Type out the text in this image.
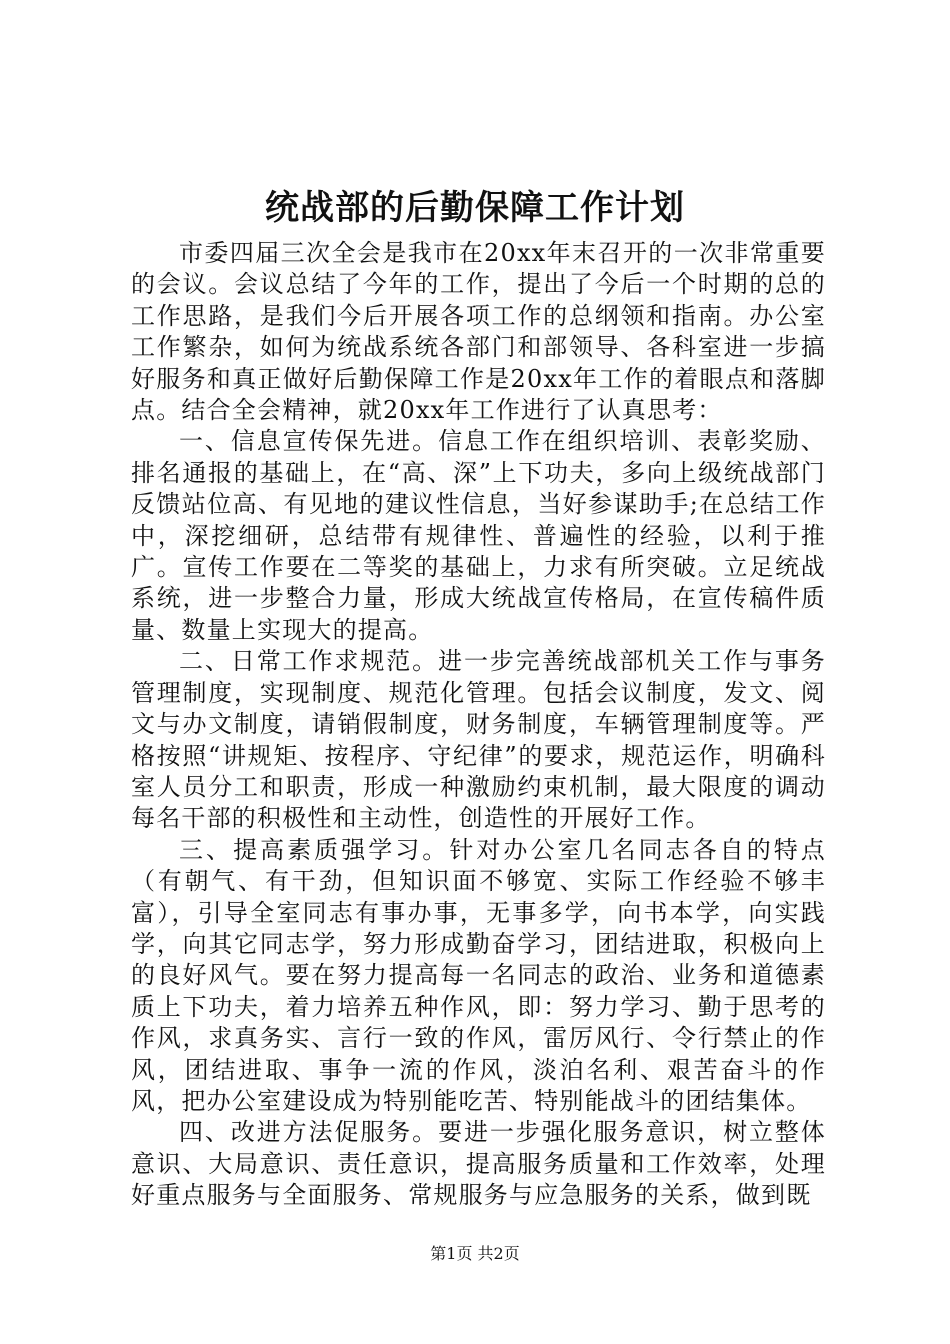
统战部的后勤保障工作计划

市委四届三次全会是我市在20xx年末召开的一次非常重要的会议。会议总结了今年的工作，提出了今后一个时期的总的工作思路，是我们今后开展各项工作的总纲领和指南。办公室工作繁杂，如何为统战系统各部门和部领导、各科室进一步搞好服务和真正做好后勤保障工作是20xx年工作的着眼点和落脚点。结合全会精神，就20xx年工作进行了认真思考：

一、信息宣传保先进。信息工作在组织培训、表彰奖励、排名通报的基础上，在“高、深”上下功夫，多向上级统战部门反馈站位高、有见地的建议性信息，当好参谋助手;在总结工作中，深挖细研，总结带有规律性、普遍性的经验，以利于推广。宣传工作要在二等奖的基础上，力求有所突破。立足统战系统，进一步整合力量，形成大统战宣传格局，在宣传稿件质量、数量上实现大的提高。

二、日常工作求规范。进一步完善统战部机关工作与事务管理制度，实现制度、规范化管理。包括会议制度，发文、阅文与办文制度，请销假制度，财务制度，车辆管理制度等。严格按照“讲规矩、按程序、守纪律”的要求，规范运作，明确科室人员分工和职责，形成一种激励约束机制，最大限度的调动每名干部的积极性和主动性，创造性的开展好工作。

三、提高素质强学习。针对办公室几名同志各自的特点（有朝气、有干劲，但知识面不够宽、实际工作经验不够丰富），引导全室同志有事办事，无事多学，向书本学，向实践学，向其它同志学，努力形成勤奋学习，团结进取，积极向上的良好风气。要在努力提高每一名同志的政治、业务和道德素质上下功夫，着力培养五种作风，即：努力学习、勤于思考的作风，求真务实、言行一致的作风，雷厉风行、令行禁止的作风，团结进取、事争一流的作风，淡泊名利、艰苦奋斗的作风，把办公室建设成为特别能吃苦、特别能战斗的团结集体。

四、改进方法促服务。要进一步强化服务意识，树立整体意识、大局意识、责任意识，提高服务质量和工作效率，处理好重点服务与全面服务、常规服务与应急服务的关系，做到既

第1页 共2页
